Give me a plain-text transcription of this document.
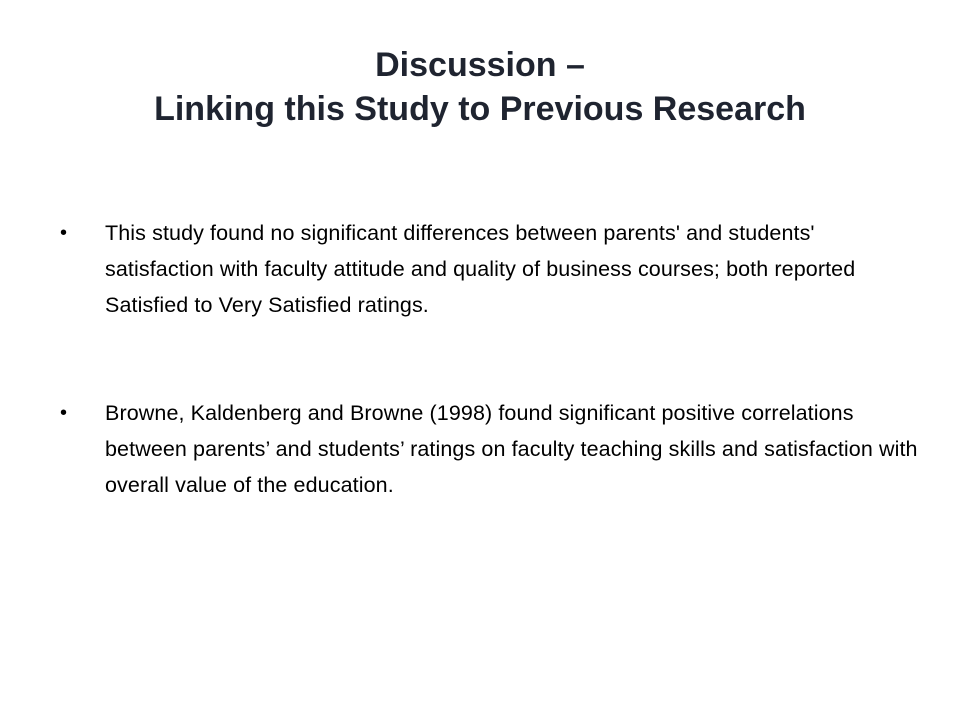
Discussion –
Linking this Study to Previous Research
• This study found no significant differences between parents' and students' satisfaction with faculty attitude and quality of business courses; both reported Satisfied to Very Satisfied ratings.
• Browne, Kaldenberg and Browne (1998) found significant positive correlations between parents’ and students’ ratings on faculty teaching skills and satisfaction with overall value of the education.
